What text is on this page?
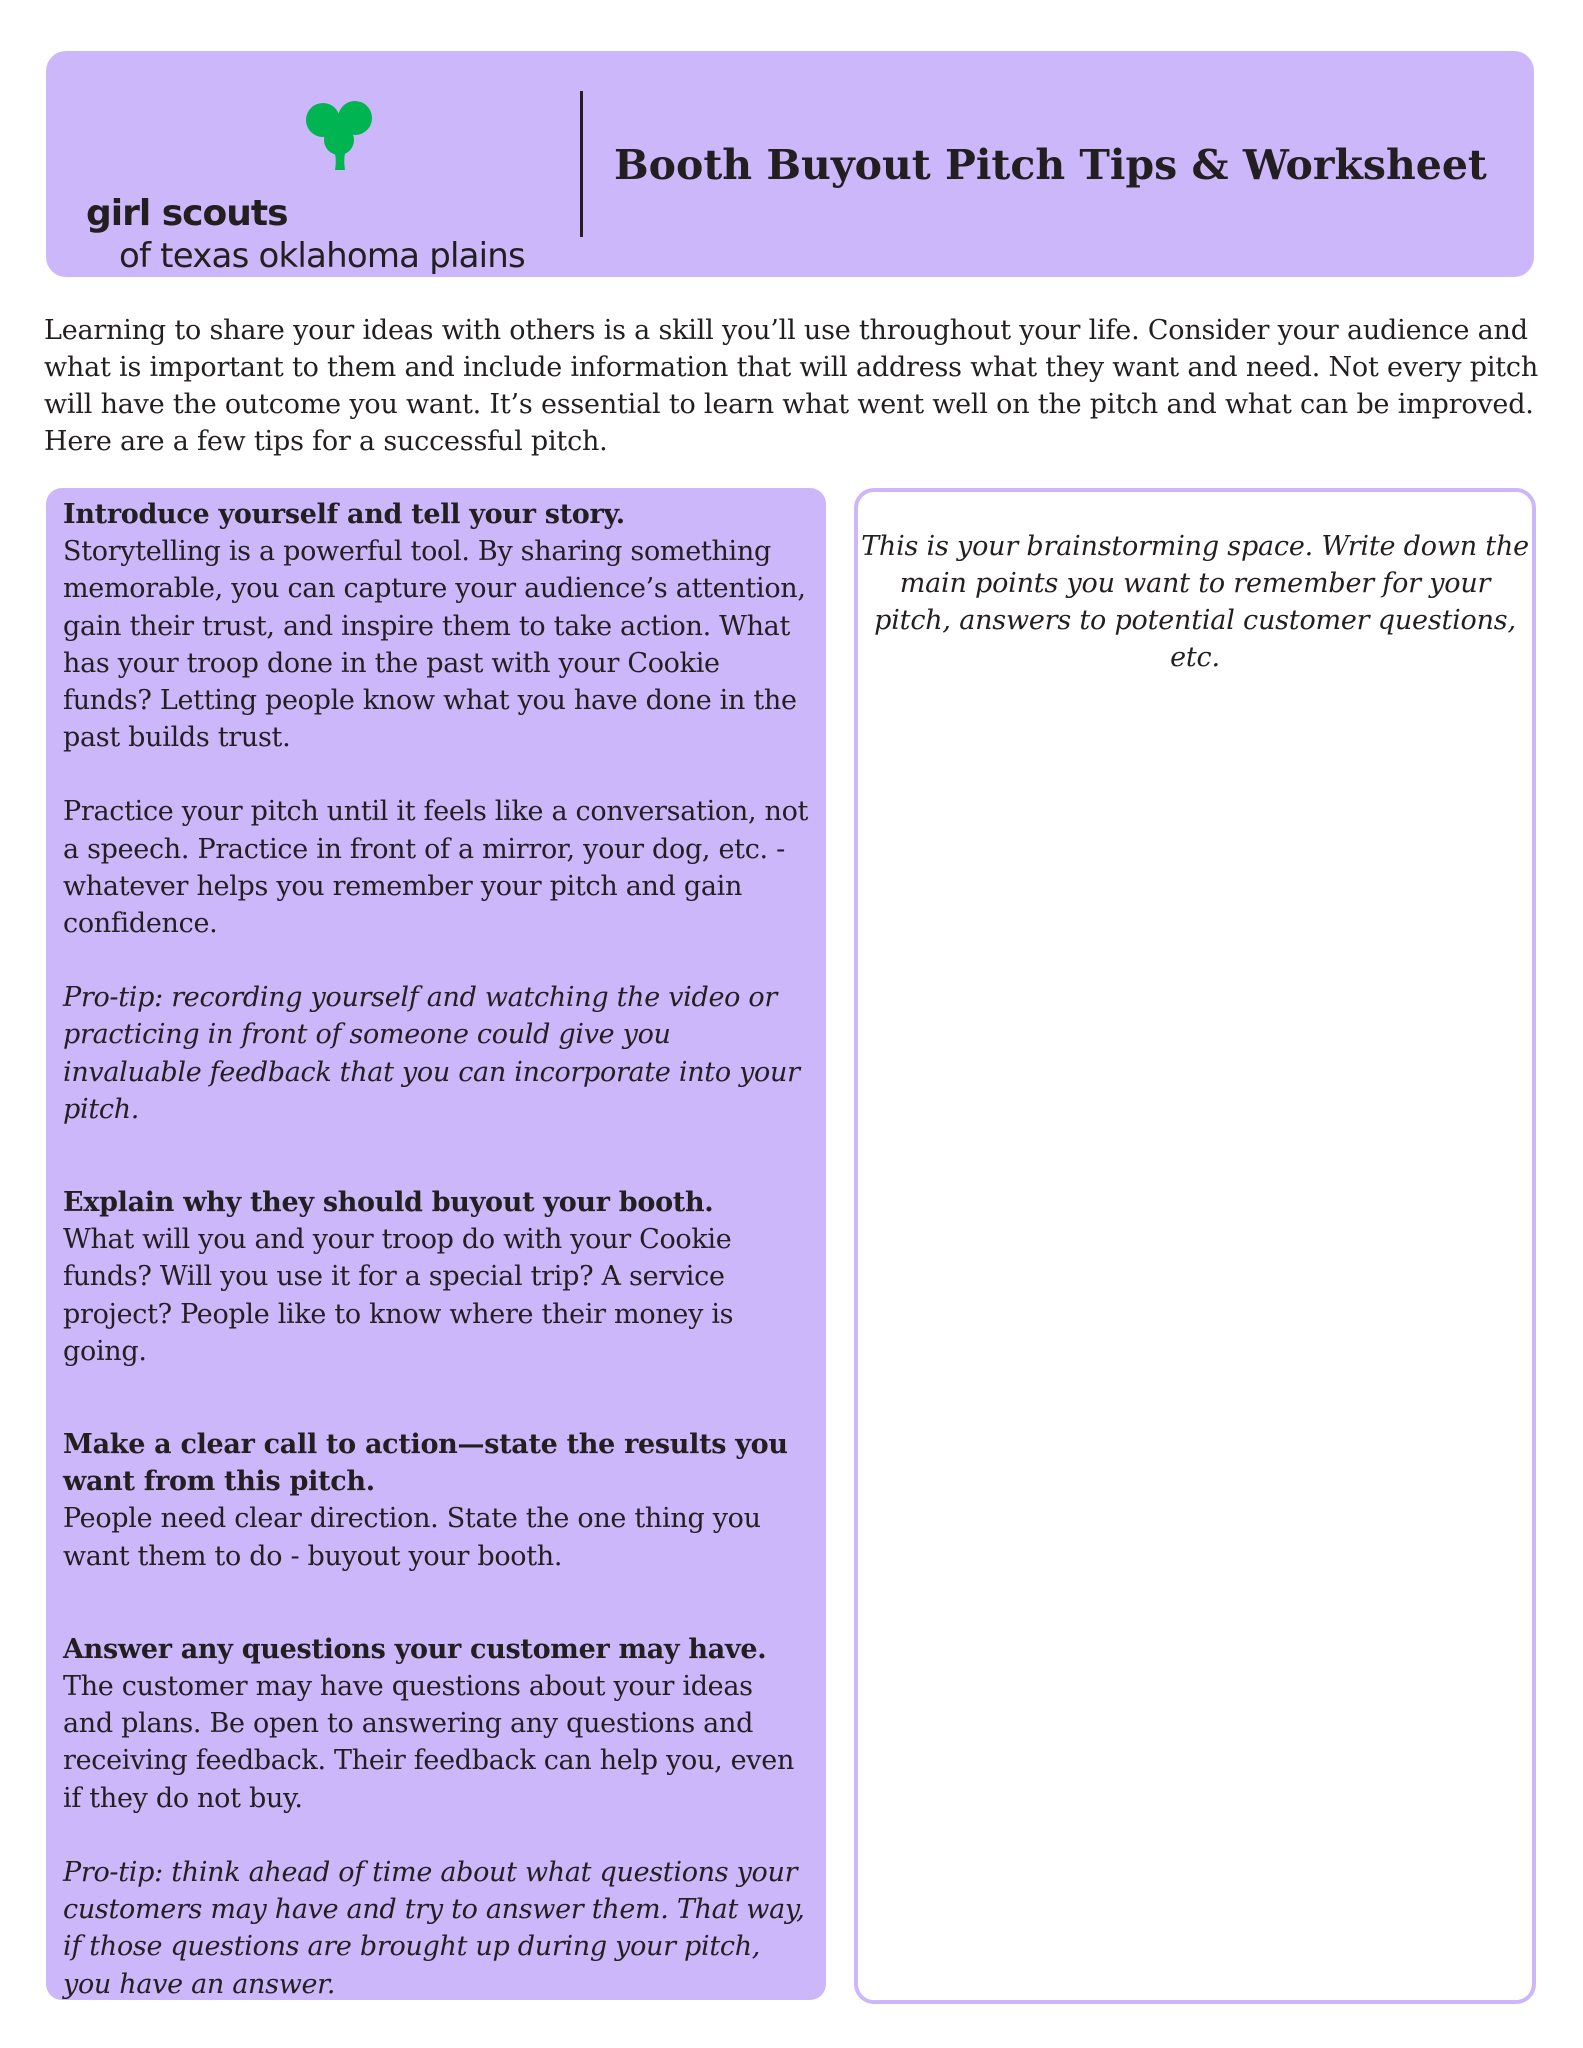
girl scouts
of texas oklahoma plains
Booth Buyout Pitch Tips & Worksheet

Learning to share your ideas with others is a skill you’ll use throughout your life. Consider your audience and what is important to them and include information that will address what they want and need. Not every pitch will have the outcome you want. It’s essential to learn what went well on the pitch and what can be improved. Here are a few tips for a successful pitch.

Introduce yourself and tell your story.

Storytelling is a powerful tool. By sharing something memorable, you can capture your audience’s attention, gain their trust, and inspire them to take action. What has your troop done in the past with your Cookie funds? Letting people know what you have done in the past builds trust.

Practice your pitch until it feels like a conversation, not a speech. Practice in front of a mirror, your dog, etc. - whatever helps you remember your pitch and gain confidence.

Pro-tip: recording yourself and watching the video or practicing in front of someone could give you invaluable feedback that you can incorporate into your pitch.

Explain why they should buyout your booth.

What will you and your troop do with your Cookie funds? Will you use it for a special trip? A service project? People like to know where their money is going.

Make a clear call to action—state the results you want from this pitch.

People need clear direction. State the one thing you want them to do - buyout your booth.

Answer any questions your customer may have.

The customer may have questions about your ideas and plans. Be open to answering any questions and receiving feedback. Their feedback can help you, even if they do not buy.

Pro-tip: think ahead of time about what questions your customers may have and try to answer them. That way, if those questions are brought up during your pitch, you have an answer.

This is your brainstorming space. Write down the main points you want to remember for your pitch, answers to potential customer questions, etc.
